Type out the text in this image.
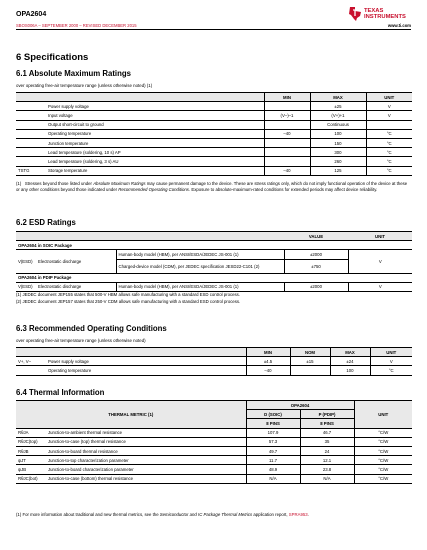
OPA2604
SBOS006A – SEPTEMBER 2000 – REVISED DECEMBER 2015	www.ti.com
TEXAS
INSTRUMENTS
6 Specifications
6.1 Absolute Maximum Ratings
over operating free-air temperature range (unless otherwise noted) (1)
		MIN	MAX	UNIT
	Power supply voltage		±25	V
	Input voltage	(V–)–1	(V+)+1	V
	Output short-circuit to ground		Continuous	
	Operating temperature	–40	100	°C
	Junction temperature		150	°C
	Lead temperature (soldering, 10 s) AP		300	°C
	Lead temperature (soldering, 3 s) AU		260	°C
TSTG	Storage temperature	–40	125	°C
(1) Stresses beyond those listed under Absolute Maximum Ratings may cause permanent damage to the device. These are stress ratings only, which do not imply functional operation of the device at these or any other conditions beyond those indicated under Recommended Operating Conditions. Exposure to absolute-maximum-rated conditions for extended periods may affect device reliability.
6.2 ESD Ratings
			VALUE	UNIT
OPA2604 in SOIC Package				
V(ESD)	Electrostatic discharge	Human-body model (HBM), per ANSI/ESDA/JEDEC JS-001 (1)	±2000	V
		Charged-device model (CDM), per JEDEC specification JESD22-C101 (2)	±750	
OPA2604 in PDIP Package				
V(ESD)	Electrostatic discharge	Human-body model (HBM), per ANSI/ESDA/JEDEC JS-001 (1)	±2000	V
(1) JEDEC document JEP155 states that 500-V HBM allows safe manufacturing with a standard ESD control process.
(2) JEDEC document JEP157 states that 250-V CDM allows safe manufacturing with a standard ESD control process.
6.3 Recommended Operating Conditions
over operating free-air temperature range (unless otherwise noted)
		MIN	NOM	MAX	UNIT
V+, V–	Power supply voltage	±4.5	±15	±24	V
	Operating temperature	–40		100	°C
6.4 Thermal Information
THERMAL METRIC (1)		OPA2604		UNIT
		D (SOIC)	P (PDIP)	
		8 PINS	8 PINS	
RθJA	Junction-to-ambient thermal resistance	107.9	46.7	°C/W
RθJC(top)	Junction-to-case (top) thermal resistance	57.3	35	°C/W
RθJB	Junction-to-board thermal resistance	49.7	24	°C/W
ψJT	Junction-to-top characterization parameter	11.7	12.1	°C/W
ψJB	Junction-to-board characterization parameter	48.9	23.8	°C/W
RθJC(bot)	Junction-to-case (bottom) thermal resistance	N/A	N/A	°C/W
(1) For more information about traditional and new thermal metrics, see the Semiconductor and IC Package Thermal Metrics application report, SPRA953.
